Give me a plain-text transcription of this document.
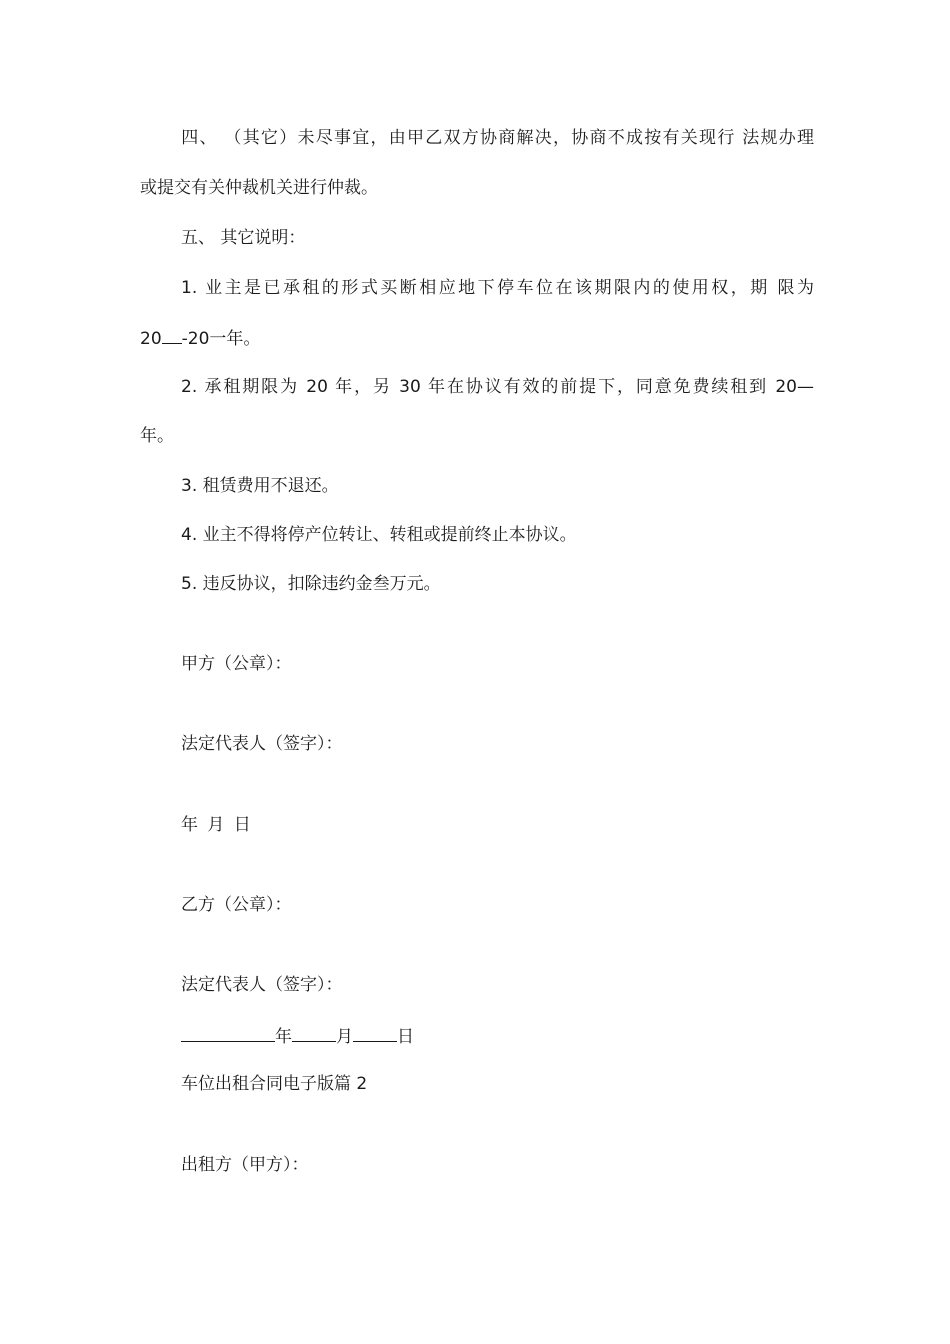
四、 （其它）未尽事宜，由甲乙双方协商解决，协商不成按有关现行 法规办理

或提交有关仲裁机关进行仲裁。

五、 其它说明：

1. 业主是已承租的形式买断相应地下停车位在该期限内的使用权，期 限为

20 -20一年。

2. 承租期限为 20 年，另 30 年在协议有效的前提下，同意免费续租到 20—

年。

3. 租赁费用不退还。

4. 业主不得将停产位转让、转租或提前终止本协议。

5. 违反协议，扣除违约金叁万元。

甲方（公章）：

法定代表人（签字）：

年 月 日

乙方（公章）：

法定代表人（签字）：

年	月	日

车位出租合同电子版篇 2

出租方（甲方）：
